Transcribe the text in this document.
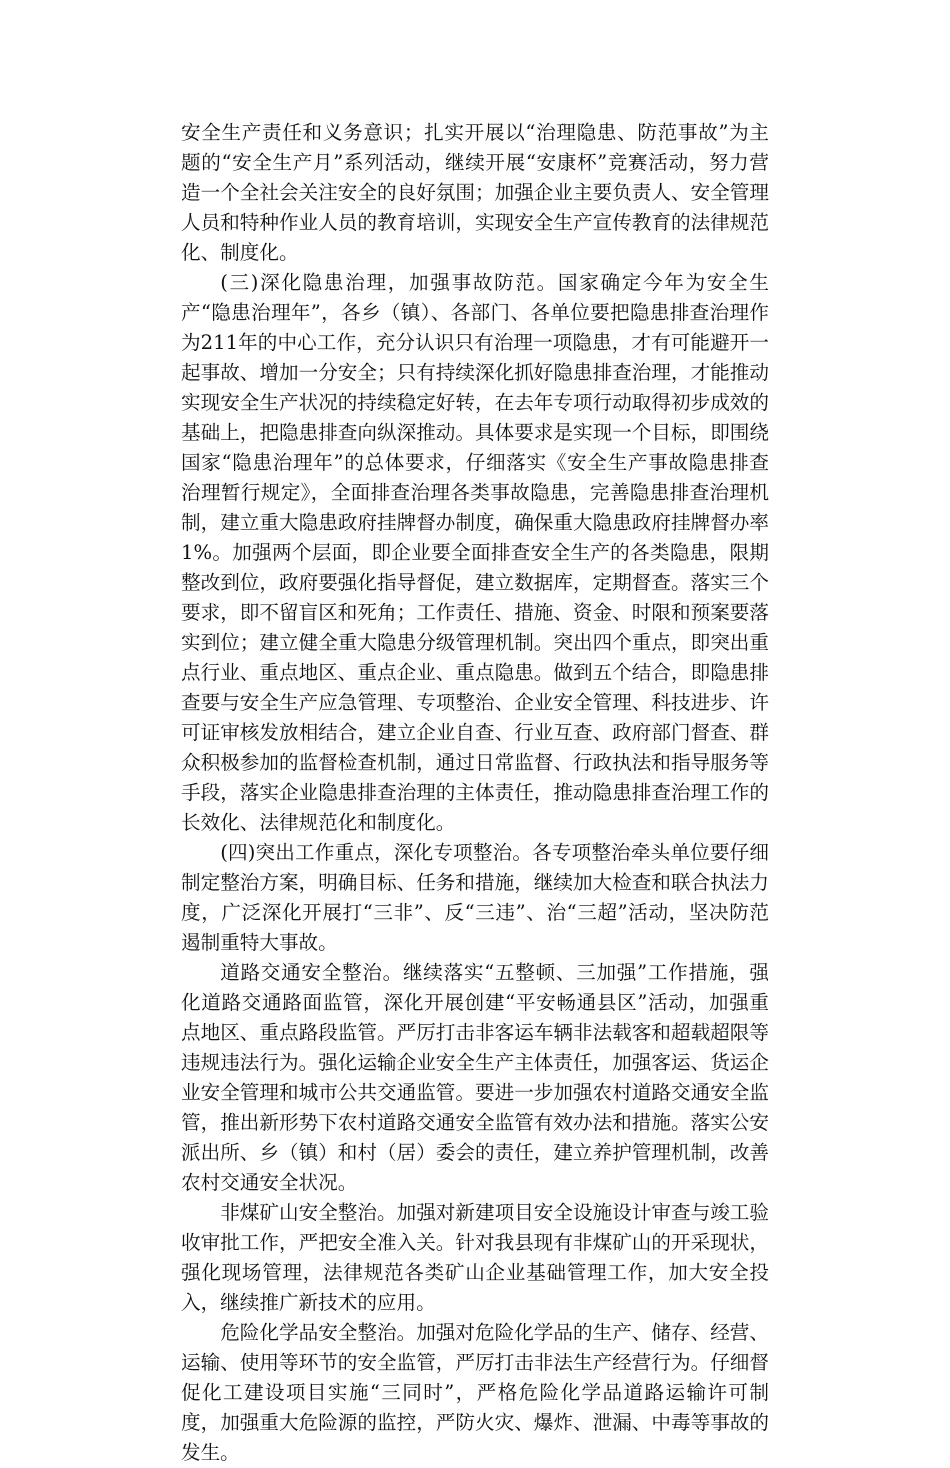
安全生产责任和义务意识；扎实开展以“治理隐患、防范事故”为主题的“安全生产月”系列活动，继续开展“安康杯”竞赛活动，努力营造一个全社会关注安全的良好氛围；加强企业主要负责人、安全管理人员和特种作业人员的教育培训，实现安全生产宣传教育的法律规范化、制度化。

(三)深化隐患治理，加强事故防范。国家确定今年为安全生产“隐患治理年”，各乡（镇）、各部门、各单位要把隐患排查治理作为211年的中心工作，充分认识只有治理一项隐患，才有可能避开一起事故、增加一分安全；只有持续深化抓好隐患排查治理，才能推动实现安全生产状况的持续稳定好转，在去年专项行动取得初步成效的基础上，把隐患排查向纵深推动。具体要求是实现一个目标，即围绕国家“隐患治理年”的总体要求，仔细落实《安全生产事故隐患排查治理暂行规定》，全面排查治理各类事故隐患，完善隐患排查治理机制，建立重大隐患政府挂牌督办制度，确保重大隐患政府挂牌督办率1%。加强两个层面，即企业要全面排查安全生产的各类隐患，限期整改到位，政府要强化指导督促，建立数据库，定期督查。落实三个要求，即不留盲区和死角；工作责任、措施、资金、时限和预案要落实到位；建立健全重大隐患分级管理机制。突出四个重点，即突出重点行业、重点地区、重点企业、重点隐患。做到五个结合，即隐患排查要与安全生产应急管理、专项整治、企业安全管理、科技进步、许可证审核发放相结合，建立企业自查、行业互查、政府部门督查、群众积极参加的监督检查机制，通过日常监督、行政执法和指导服务等手段，落实企业隐患排查治理的主体责任，推动隐患排查治理工作的长效化、法律规范化和制度化。

(四)突出工作重点，深化专项整治。各专项整治牵头单位要仔细制定整治方案，明确目标、任务和措施，继续加大检查和联合执法力度，广泛深化开展打“三非”、反“三违”、治“三超”活动，坚决防范遏制重特大事故。

道路交通安全整治。继续落实“五整顿、三加强”工作措施，强化道路交通路面监管，深化开展创建“平安畅通县区”活动，加强重点地区、重点路段监管。严厉打击非客运车辆非法载客和超载超限等违规违法行为。强化运输企业安全生产主体责任，加强客运、货运企业安全管理和城市公共交通监管。要进一步加强农村道路交通安全监管，推出新形势下农村道路交通安全监管有效办法和措施。落实公安派出所、乡（镇）和村（居）委会的责任，建立养护管理机制，改善农村交通安全状况。

非煤矿山安全整治。加强对新建项目安全设施设计审查与竣工验收审批工作，严把安全准入关。针对我县现有非煤矿山的开采现状，强化现场管理，法律规范各类矿山企业基础管理工作，加大安全投入，继续推广新技术的应用。

危险化学品安全整治。加强对危险化学品的生产、储存、经营、运输、使用等环节的安全监管，严厉打击非法生产经营行为。仔细督促化工建设项目实施“三同时”，严格危险化学品道路运输许可制度，加强重大危险源的监控，严防火灾、爆炸、泄漏、中毒等事故的发生。
